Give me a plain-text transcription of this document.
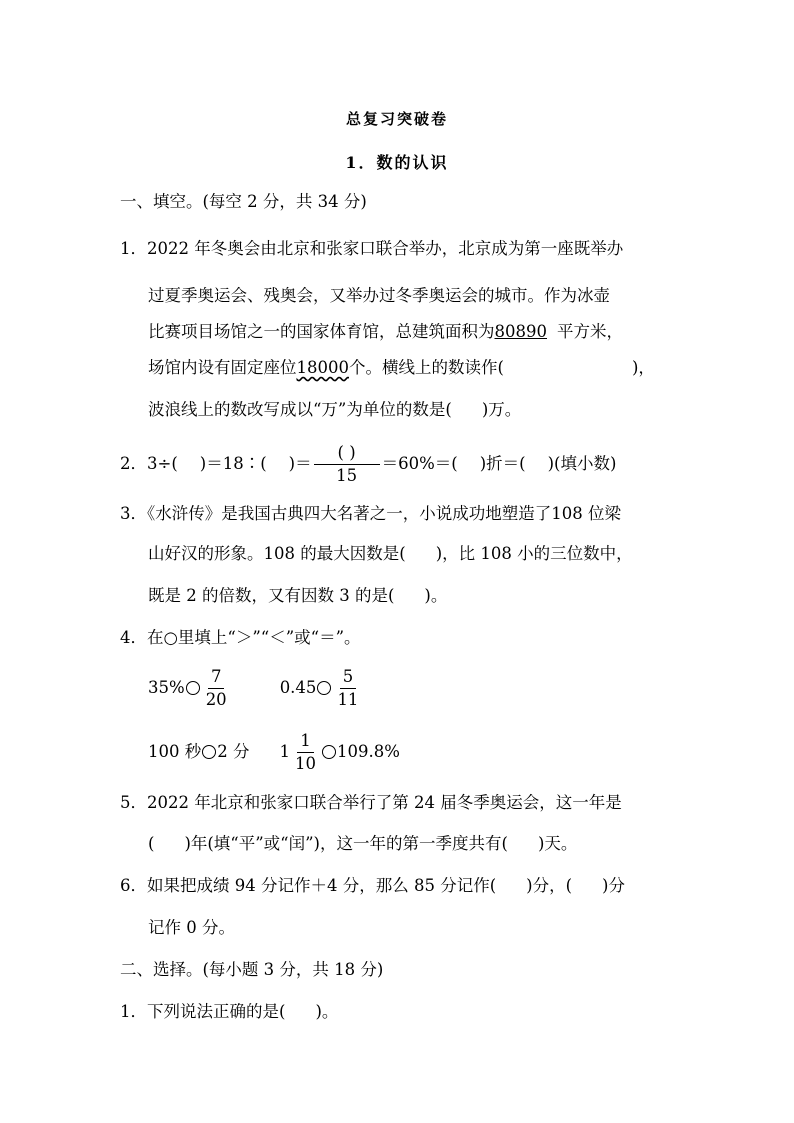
总复习突破卷
1．数的认识
一、填空。(每空 2 分，共 34 分)
1．2022 年冬奥会由北京和张家口联合举办，北京成为第一座既举办
过夏季奥运会、残奥会，又举办过冬季奥运会的城市。作为冰壶
比赛项目场馆之一的国家体育馆，总建筑面积为80890 平方米，
场馆内设有固定座位18000个。横线上的数读作(	)，
波浪线上的数改写成以“万”为单位的数是( )万。
2．3÷( )＝18∶( )＝ $\frac{( )}{15} =60\%=$( )折＝( )(填小数)
3．《水浒传》是我国古典四大名著之一，小说成功地塑造了108 位梁
山好汉的形象。108 的最大因数是( )，比 108 小的三位数中，
既是 2 的倍数，又有因数 3 的是( )。
4．在○里填上“＞”“＜”或“＝”。
$35\% \frac{7}{20}$	$0.45 \frac{5}{11}$
100 秒 2 分 $1 \frac{1}{10} 109.8\%$
5．2022 年北京和张家口联合举行了第 24 届冬季奥运会，这一年是
( )年(填“平”或“闰”)，这一年的第一季度共有( )天。
6．如果把成绩 94 分记作＋4 分，那么 85 分记作( )分，( )分
记作 0 分。
二、选择。(每小题 3 分，共 18 分)
1．下列说法正确的是( )。
